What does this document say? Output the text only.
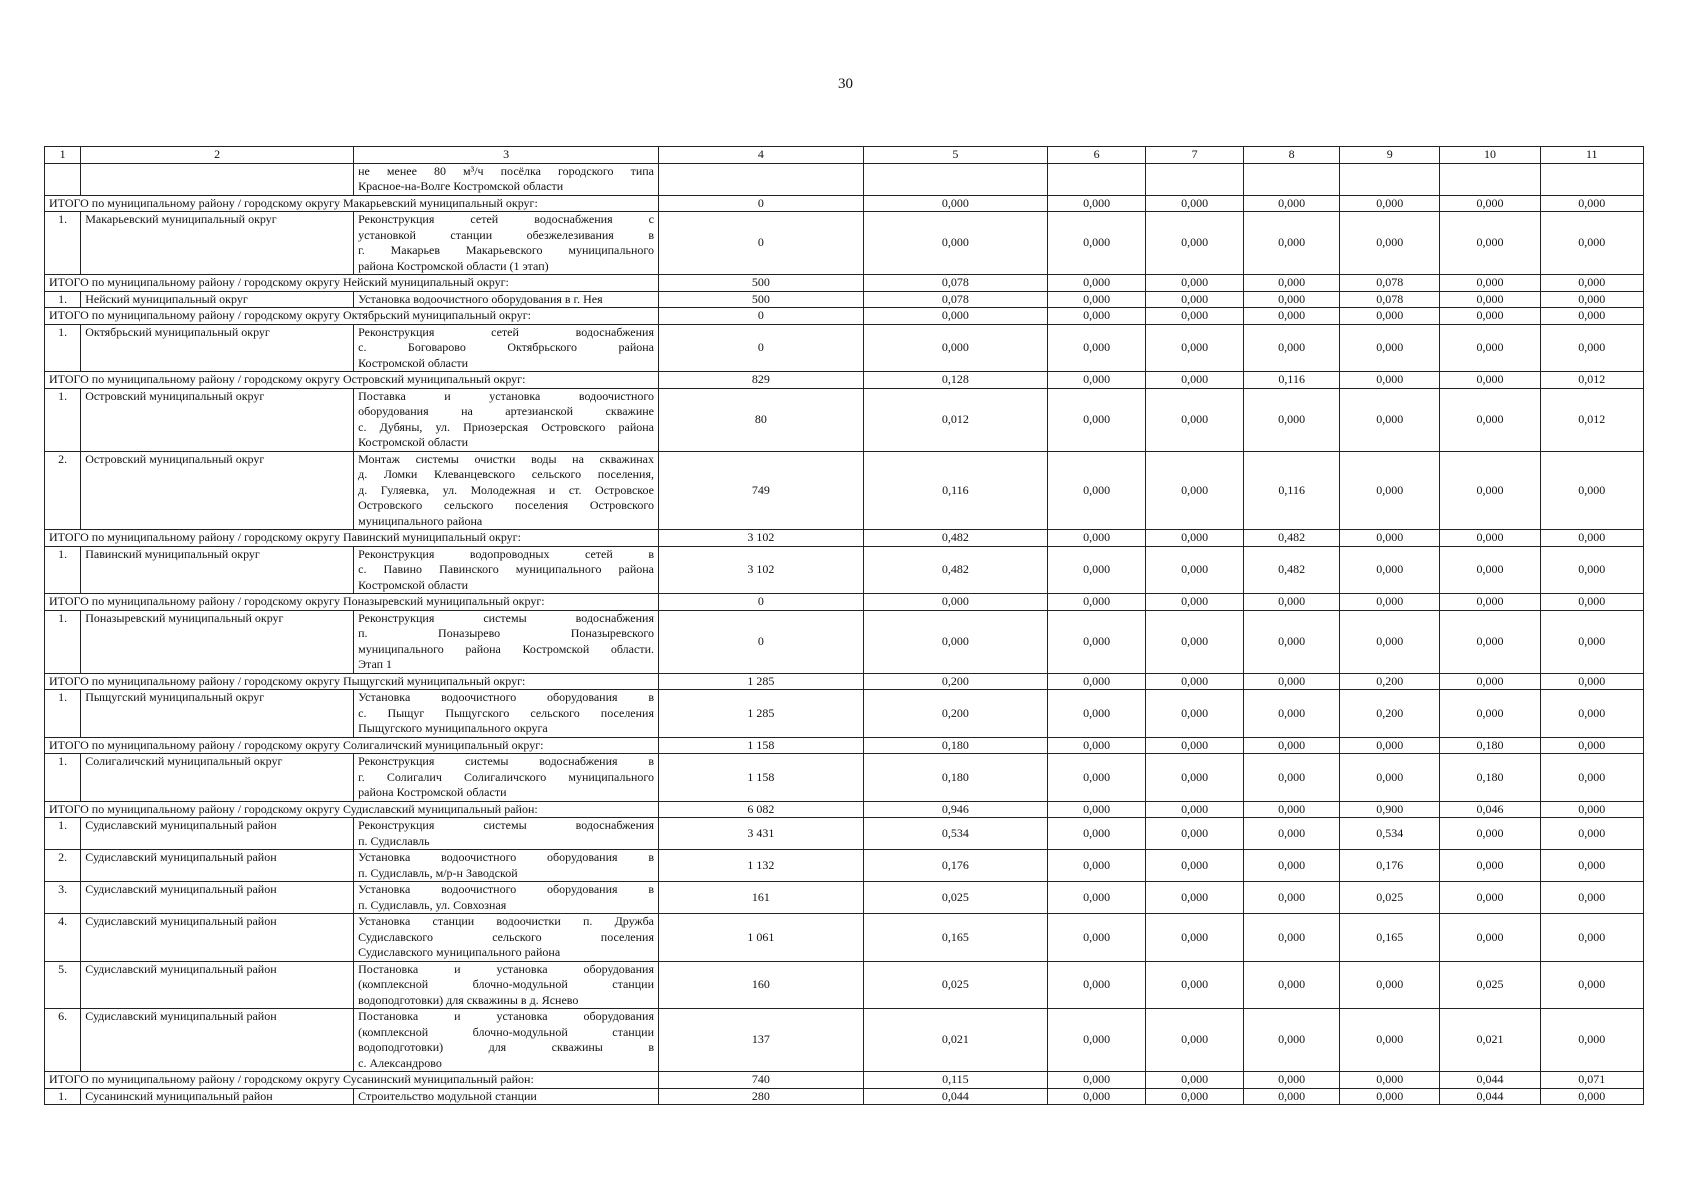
30
1	2	3	4	5	6	7	8	9	10	11

		не менее 80 м³/ч посёлка городского типа
Красное-на-Волге Костромской области								

ИТОГО по муниципальному району / городскому округу Макарьевский муниципальный округ:			0	0,000	0,000	0,000	0,000	0,000	0,000	0,000
1.	Макарьевский муниципальный округ	Реконструкция сетей водоснабжения с
установкой станции обезжелезивания в
г. Макарьев Макарьевского муниципального
района Костромской области (1 этап)	0	0,000	0,000	0,000	0,000	0,000	0,000	0,000
ИТОГО по муниципальному району / городскому округу Нейский муниципальный округ:			500	0,078	0,000	0,000	0,000	0,078	0,000	0,000
1.	Нейский муниципальный округ	Установка водоочистного оборудования в г. Нея	500	0,078	0,000	0,000	0,000	0,078	0,000	0,000
ИТОГО по муниципальному району / городскому округу Октябрьский муниципальный округ:			0	0,000	0,000	0,000	0,000	0,000	0,000	0,000
1.	Октябрьский муниципальный округ	Реконструкция сетей водоснабжения
с. Боговарово Октябрьского района
Костромской области	0	0,000	0,000	0,000	0,000	0,000	0,000	0,000
ИТОГО по муниципальному району / городскому округу Островский муниципальный округ:			829	0,128	0,000	0,000	0,116	0,000	0,000	0,012
1.	Островский муниципальный округ	Поставка и установка водоочистного
оборудования на артезианской скважине
с. Дубяны, ул. Приозерская Островского района
Костромской области	80	0,012	0,000	0,000	0,000	0,000	0,000	0,012
2.	Островский муниципальный округ	Монтаж системы очистки воды на скважинах
д. Ломки Клеванцевского сельского поселения,
д. Гуляевка, ул. Молодежная и ст. Островское
Островского сельского поселения Островского
муниципального района	749	0,116	0,000	0,000	0,116	0,000	0,000	0,000
ИТОГО по муниципальному району / городскому округу Павинский муниципальный округ:			3 102	0,482	0,000	0,000	0,482	0,000	0,000	0,000
1.	Павинский муниципальный округ	Реконструкция водопроводных сетей в
с. Павино Павинского муниципального района
Костромской области	3 102	0,482	0,000	0,000	0,482	0,000	0,000	0,000
ИТОГО по муниципальному району / городскому округу Поназыревский муниципальный округ:			0	0,000	0,000	0,000	0,000	0,000	0,000	0,000
1.	Поназыревский муниципальный округ	Реконструкция системы водоснабжения
п. Поназырево Поназыревского
муниципального района Костромской области.
Этап 1	0	0,000	0,000	0,000	0,000	0,000	0,000	0,000
ИТОГО по муниципальному району / городскому округу Пыщугский муниципальный округ:			1 285	0,200	0,000	0,000	0,000	0,200	0,000	0,000
1.	Пыщугский муниципальный округ	Установка водоочистного оборудования в
с. Пыщуг Пыщугского сельского поселения
Пыщугского муниципального округа	1 285	0,200	0,000	0,000	0,000	0,200	0,000	0,000
ИТОГО по муниципальному району / городскому округу Солигаличский муниципальный округ:			1 158	0,180	0,000	0,000	0,000	0,000	0,180	0,000
1.	Солигаличский муниципальный округ	Реконструкция системы водоснабжения в
г. Солигалич Солигаличского муниципального
района Костромской области	1 158	0,180	0,000	0,000	0,000	0,000	0,180	0,000
ИТОГО по муниципальному району / городскому округу Судиславский муниципальный район:			6 082	0,946	0,000	0,000	0,000	0,900	0,046	0,000
1.	Судиславский муниципальный район	Реконструкция системы водоснабжения
п. Судиславль	3 431	0,534	0,000	0,000	0,000	0,534	0,000	0,000
2.	Судиславский муниципальный район	Установка водоочистного оборудования в
п. Судиславль, м/р-н Заводской	1 132	0,176	0,000	0,000	0,000	0,176	0,000	0,000
3.	Судиславский муниципальный район	Установка водоочистного оборудования в
п. Судиславль, ул. Совхозная	161	0,025	0,000	0,000	0,000	0,025	0,000	0,000
4.	Судиславский муниципальный район	Установка станции водоочистки п. Дружба
Судиславского сельского поселения
Судиславского муниципального района	1 061	0,165	0,000	0,000	0,000	0,165	0,000	0,000
5.	Судиславский муниципальный район	Постановка и установка оборудования
(комплексной блочно-модульной станции
водоподготовки) для скважины в д. Яснево	160	0,025	0,000	0,000	0,000	0,000	0,025	0,000
6.	Судиславский муниципальный район	Постановка и установка оборудования
(комплексной блочно-модульной станции
водоподготовки) для скважины в
с. Александрово	137	0,021	0,000	0,000	0,000	0,000	0,021	0,000
ИТОГО по муниципальному району / городскому округу Сусанинский муниципальный район:			740	0,115	0,000	0,000	0,000	0,000	0,044	0,071
1.	Сусанинский муниципальный район	Строительство модульной станции	280	0,044	0,000	0,000	0,000	0,000	0,044	0,000
